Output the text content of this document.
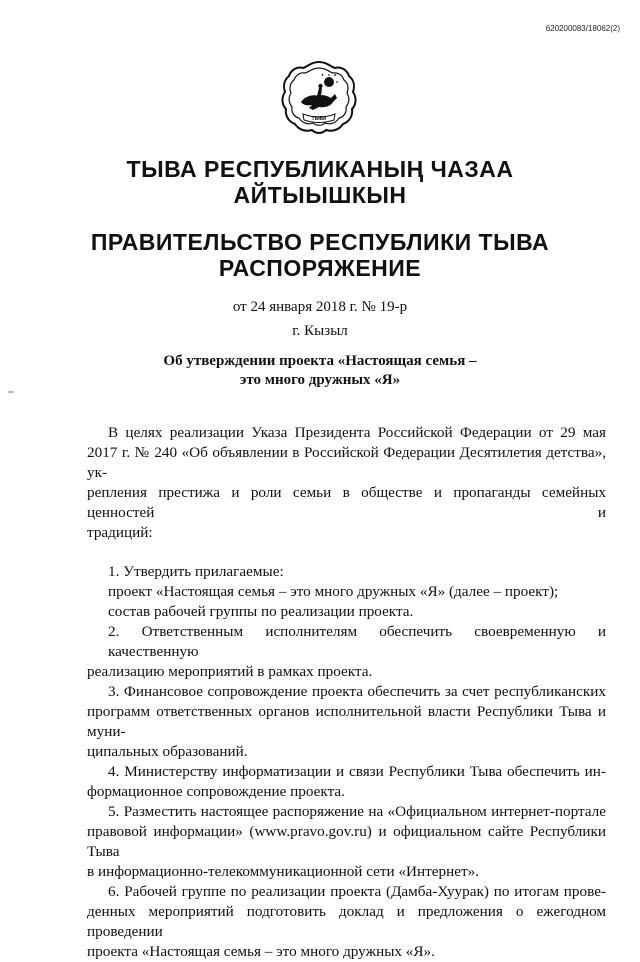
620200083/18062(2)
ТЫВА
ТЫВА РЕСПУБЛИКАНЫҢ ЧАЗАА
АЙТЫЫШКЫН
ПРАВИТЕЛЬСТВО РЕСПУБЛИКИ ТЫВА
РАСПОРЯЖЕНИЕ
от 24 января 2018 г. № 19-р
г. Кызыл
Об утверждении проекта «Настоящая семья –
это много дружных «Я»
В целях реализации Указа Президента Российской Федерации от 29 мая
2017 г. № 240 «Об объявлении в Российской Федерации Десятилетия детства», ук-
репления престижа и роли семьи в обществе и пропаганды семейных ценностей и
традиций:
1. Утвердить прилагаемые:
проект «Настоящая семья – это много дружных «Я» (далее – проект);
состав рабочей группы по реализации проекта.
2. Ответственным исполнителям обеспечить своевременную и качественную
реализацию мероприятий в рамках проекта.
3. Финансовое сопровождение проекта обеспечить за счет республиканских
программ ответственных органов исполнительной власти Республики Тыва и муни-
ципальных образований.
4. Министерству информатизации и связи Республики Тыва обеспечить ин-
формационное сопровождение проекта.
5. Разместить настоящее распоряжение на «Официальном интернет-портале
правовой информации» (www.pravo.gov.ru) и официальном сайте Республики Тыва
в информационно-телекоммуникационной сети «Интернет».
6. Рабочей группе по реализации проекта (Дамба-Хуурак) по итогам прове-
денных мероприятий подготовить доклад и предложения о ежегодном проведении
проекта «Настоящая семья – это много дружных «Я».
